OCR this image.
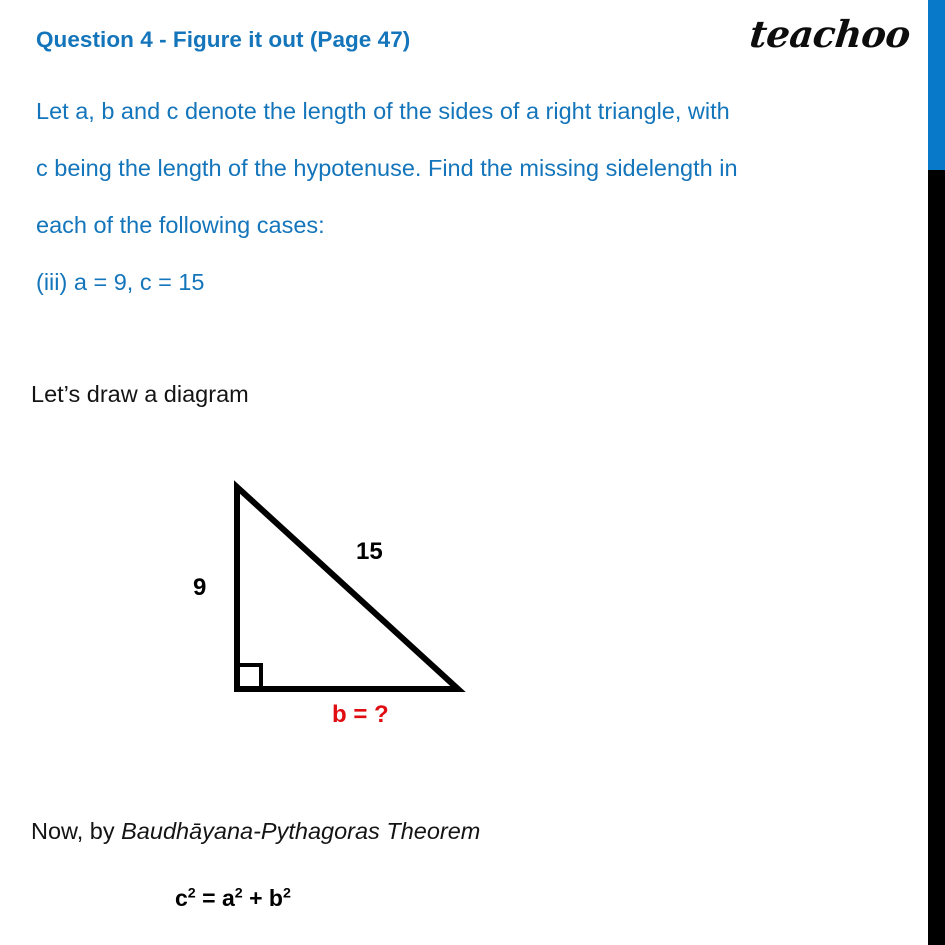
teachoo
Question 4 - Figure it out (Page 47)
Let a, b and c denote the length of the sides of a right triangle, with
c being the length of the hypotenuse. Find the missing sidelength in
each of the following cases:
(iii) a = 9, c = 15
Let’s draw a diagram
9
15
b = ?
Now, by Baudhāyana-Pythagoras Theorem
$c^2 = a^2 + b^2$
